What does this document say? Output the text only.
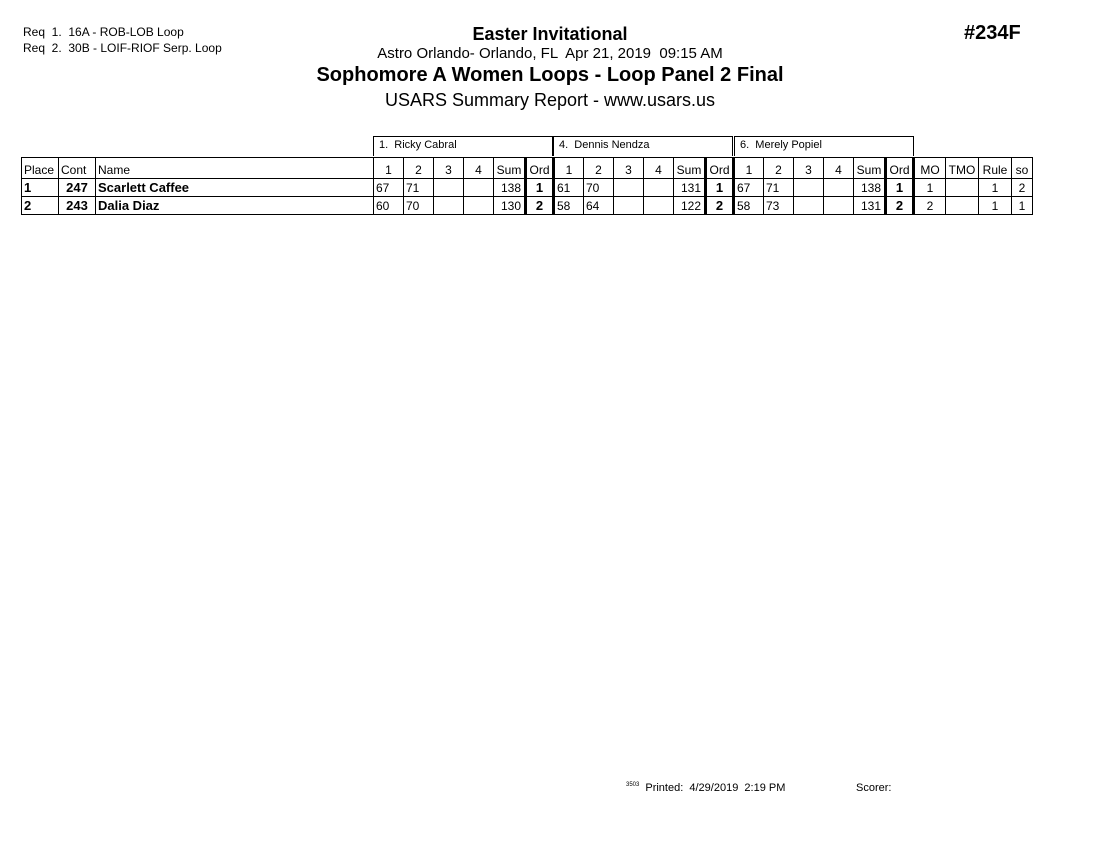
Req  1.  16A - ROB-LOB Loop
Req  2.  30B - LOIF-RIOF Serp. Loop
#234F
Easter Invitational
Astro Orlando- Orlando, FL  Apr 21, 2019  09:15 AM
Sophomore A Women Loops - Loop Panel 2 Final
USARS Summary Report - www.usars.us
1.  Ricky Cabral	4.  Dennis Nendza	6.  Merely Popiel
Place	Cont	Name	1	2	3	4	Sum	Ord	1	2	3	4	Sum	Ord	1	2	3	4	Sum	Ord	MO	TMO	Rule	so
1	247	Scarlett Caffee	67	71			138	1	61	70			131	1	67	71			138	1	1		1	2
2	243	Dalia Diaz	60	70			130	2	58	64			122	2	58	73			131	2	2		1	1
$^{3503}$ Printed:  4/29/2019  2:19 PM	Scorer:
